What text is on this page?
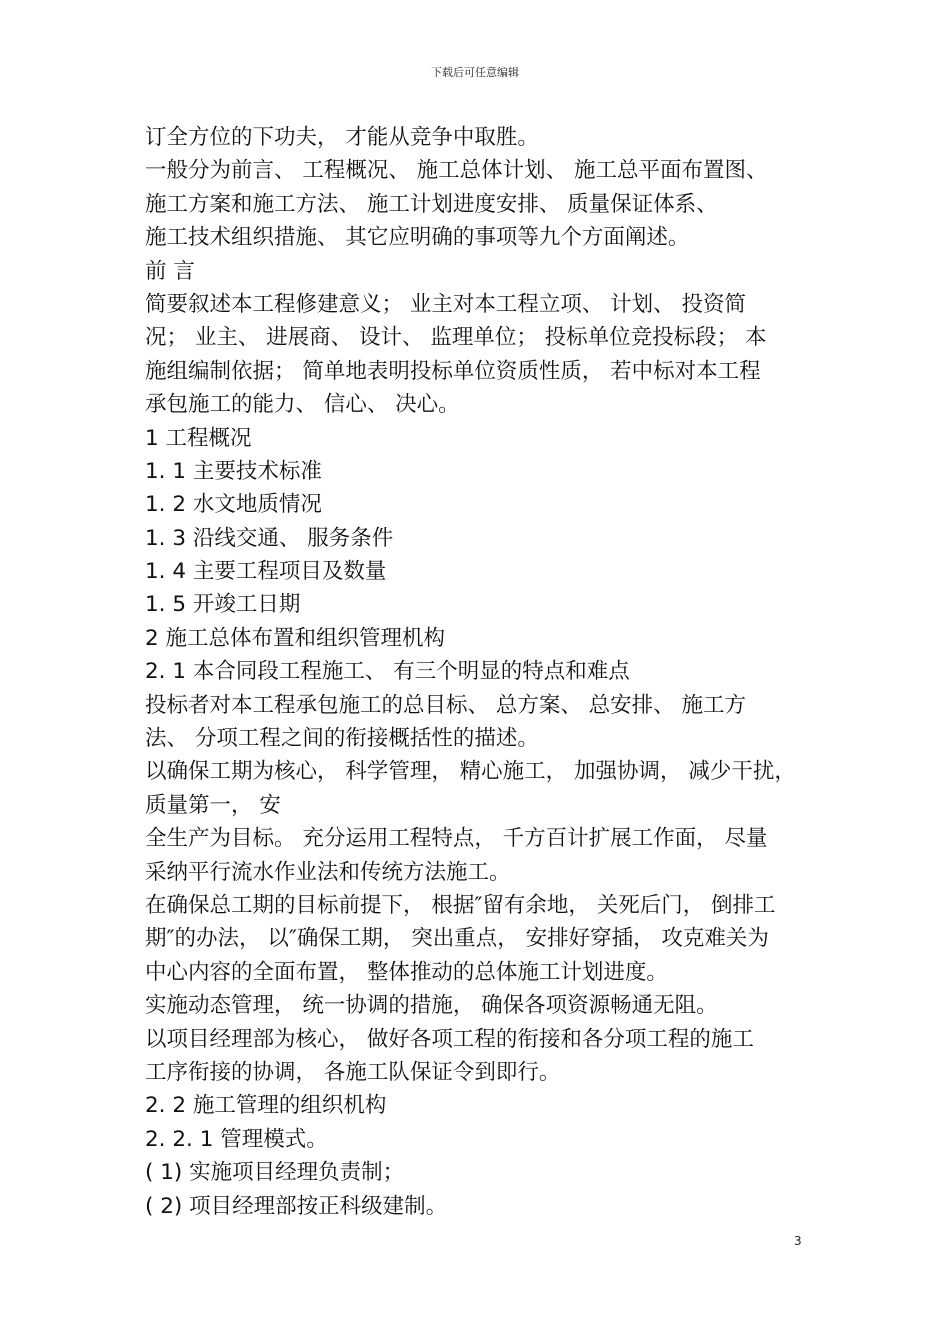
下载后可任意编辑
订全方位的下功夫， 才能从竞争中取胜。
一般分为前言、 工程概况、 施工总体计划、 施工总平面布置图、
施工方案和施工方法、 施工计划进度安排、 质量保证体系、
施工技术组织措施、 其它应明确的事项等九个方面阐述。
前 言
简要叙述本工程修建意义； 业主对本工程立项、 计划、 投资简
况； 业主、 进展商、 设计、 监理单位； 投标单位竞投标段； 本
施组编制依据； 简单地表明投标单位资质性质， 若中标对本工程
承包施工的能力、 信心、 决心。
1 工程概况
1. 1 主要技术标准
1. 2 水文地质情况
1. 3 沿线交通、 服务条件
1. 4 主要工程项目及数量
1. 5 开竣工日期
2 施工总体布置和组织管理机构
2. 1 本合同段工程施工、 有三个明显的特点和难点
投标者对本工程承包施工的总目标、 总方案、 总安排、 施工方
法、 分项工程之间的衔接概括性的描述。
以确保工期为核心， 科学管理， 精心施工， 加强协调， 减少干扰，
质量第一， 安
全生产为目标。 充分运用工程特点， 千方百计扩展工作面， 尽量
采纳平行流水作业法和传统方法施工。
在确保总工期的目标前提下， 根据″留有余地， 关死后门， 倒排工
期″的办法， 以″确保工期， 突出重点， 安排好穿插， 攻克难关为
中心内容的全面布置， 整体推动的总体施工计划进度。
实施动态管理， 统一协调的措施， 确保各项资源畅通无阻。
以项目经理部为核心， 做好各项工程的衔接和各分项工程的施工
工序衔接的协调， 各施工队保证令到即行。
2. 2 施工管理的组织机构
2. 2. 1 管理模式。
( 1) 实施项目经理负责制；
( 2) 项目经理部按正科级建制。
3
